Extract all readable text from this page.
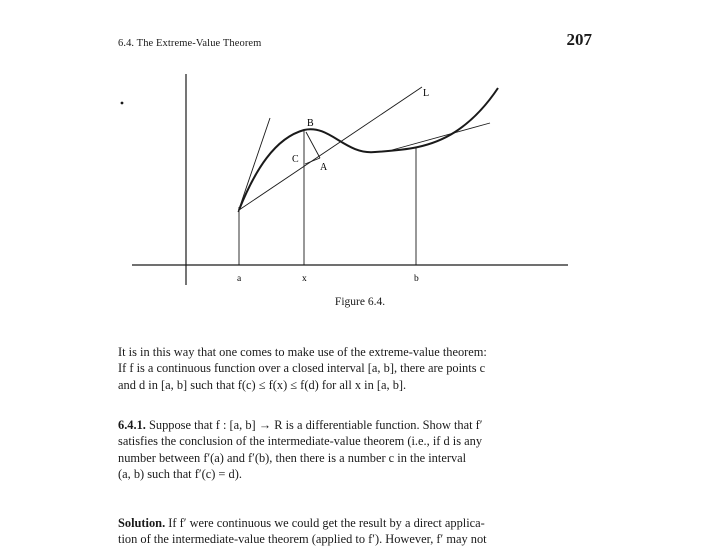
6.4. The Extreme-Value Theorem	207
L
B
C
A
a	x	b
Figure 6.4.
It is in this way that one comes to make use of the extreme-value theorem:
If f is a continuous function over a closed interval [a, b], there are points c
and d in [a, b] such that f(c) ≤ f(x) ≤ f(d) for all x in [a, b].
6.4.1. Suppose that f : [a, b] → R is a differentiable function. Show that f′
satisfies the conclusion of the intermediate-value theorem (i.e., if d is any
number between f′(a) and f′(b), then there is a number c in the interval
(a, b) such that f′(c) = d).
Solution. If f′ were continuous we could get the result by a direct applica-
tion of the intermediate-value theorem (applied to f′). However, f′ may not
